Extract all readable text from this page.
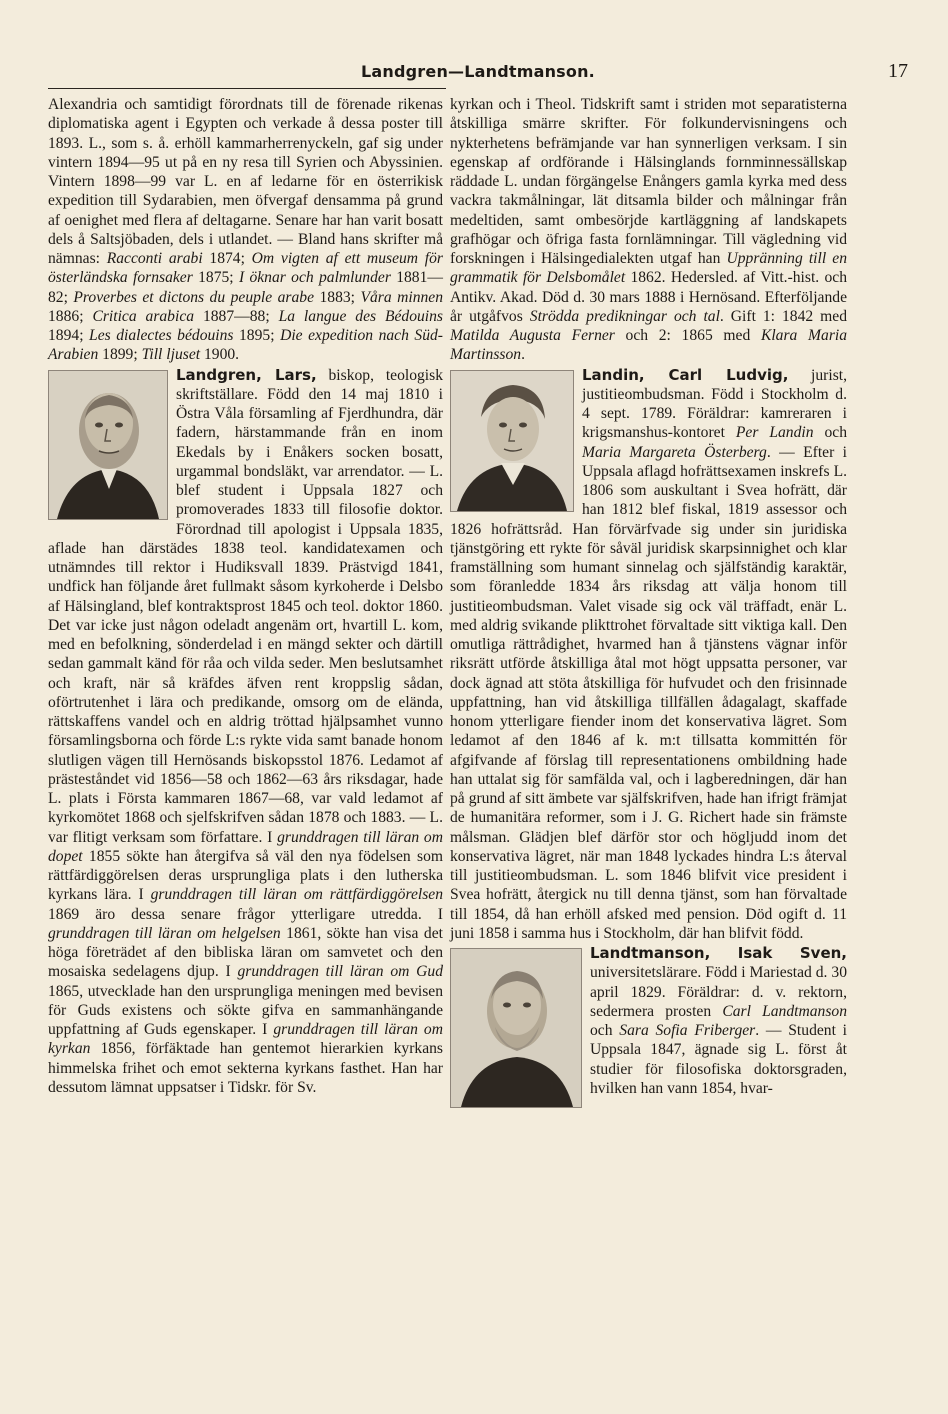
Landgren—Landtmanson.	17

Alexandria och samtidigt förordnats till de förenade rikenas diplomatiska agent i Egypten och verkade å dessa poster till 1893. L., som s. å. erhöll kammarherrenyckeln, gaf sig under vintern 1894—95 ut på en ny resa till Syrien och Abyssinien. Vintern 1898—99 var L. en af ledarne för en österrikisk expedition till Sydarabien, men öfvergaf densamma på grund af oenighet med flera af deltagarne. Senare har han varit bosatt dels å Saltsjöbaden, dels i utlandet. — Bland hans skrifter må nämnas: Racconti arabi 1874; Om vigten af ett museum för österländska fornsaker 1875; I öknar och palmlunder 1881—82; Proverbes et dictons du peuple arabe 1883; Våra minnen 1886; Critica arabica 1887—88; La langue des Bédouins 1894; Les dialectes bédouins 1895; Die expedition nach Süd-Arabien 1899; Till ljuset 1900.

Landgren, Lars,
biskop, teologisk skriftställare. Född den 14 maj 1810 i Östra Våla församling af Fjerdhundra, där fadern, härstammande från en inom Ekedals by i Enåkers socken bosatt, urgammal bondsläkt, var arrendator. — L. blef student i Uppsala 1827 och promoverades 1833 till filosofie doktor. Förordnad till apologist i Uppsala 1835, aflade han därstädes 1838 teol. kandidatexamen och utnämndes till rektor i Hudiksvall 1839. Prästvigd 1841, undfick han följande året fullmakt såsom kyrkoherde i Delsbo af Hälsingland, blef kontraktsprost 1845 och teol. doktor 1860. Det var icke just någon odeladt angenäm ort, hvartill L. kom, med en befolkning, sönderdelad i en mängd sekter och därtill sedan gammalt känd för råa och vilda seder. Men beslutsamhet och kraft, när så kräfdes äfven rent kroppslig sådan, oförtrutenhet i lära och predikande, omsorg om de elända, rättskaffens vandel och en aldrig tröttad hjälpsamhet vunno församlingsborna och förde L:s rykte vida samt banade honom slutligen vägen till Hernösands biskopsstol 1876. Ledamot af prästeståndet vid 1856—58 och 1862—63 års riksdagar, hade L. plats i Första kammaren 1867—68, var vald ledamot af kyrkomötet 1868 och sjelfskrifven sådan 1878 och 1883. — L. var flitigt verksam som författare. I grunddragen till läran om dopet 1855 sökte han återgifva så väl den nya födelsen som rättfärdiggörelsen deras ursprungliga plats i den lutherska kyrkans lära. I grunddragen till läran om rättfärdiggörelsen 1869 äro dessa senare frågor ytterligare utredda. I grunddragen till läran om helgelsen 1861, sökte han visa det höga företrädet af den bibliska läran om samvetet och den mosaiska sedelagens djup. I grunddragen till läran om Gud 1865, utvecklade han den ursprungliga meningen med bevisen för Guds existens och sökte gifva en sammanhängande uppfattning af Guds egenskaper. I grunddragen till läran om kyrkan 1856, förfäktade han gentemot hierarkien kyrkans himmelska frihet och emot sekterna kyrkans fasthet. Han har dessutom lämnat uppsatser i Tidskr. för Sv.

kyrkan och i Theol. Tidskrift samt i striden mot separatisterna åtskilliga smärre skrifter. För folkundervisningens och nykterhetens befrämjande var han synnerligen verksam. I sin egenskap af ordförande i Hälsinglands fornminnessällskap räddade L. undan förgängelse Enångers gamla kyrka med dess vackra takmålningar, lät ditsamla bilder och målningar från medeltiden, samt ombesörjde kartläggning af landskapets grafhögar och öfriga fasta fornlämningar. Till vägledning vid forskningen i Hälsingedialekten utgaf han Uppränning till en grammatik för Delsbomålet 1862. Hedersled. af Vitt.-hist. och Antikv. Akad. Död d. 30 mars 1888 i Hernösand. Efterföljande år utgåfvos Strödda predikningar och tal. Gift 1: 1842 med Matilda Augusta Ferner och 2: 1865 med Klara Maria Martinsson.

Landin, Carl Ludvig,
jurist, justitieombudsman. Född i Stockholm d. 4 sept. 1789. Föräldrar: kamreraren i krigsmanshus-kontoret Per Landin och Maria Margareta Österberg. — Efter i Uppsala aflagd hofrättsexamen inskrefs L. 1806 som auskultant i Svea hofrätt, där han 1812 blef fiskal, 1819 assessor och 1826 hofrättsråd. Han förvärfvade sig under sin juridiska tjänstgöring ett rykte för såväl juridisk skarpsinnighet och klar framställning som humant sinnelag och själfständig karaktär, som föranledde 1834 års riksdag att välja honom till justitieombudsman. Valet visade sig ock väl träffadt, enär L. med aldrig svikande plikttrohet förvaltade sitt viktiga kall. Den omutliga rättrådighet, hvarmed han å tjänstens vägnar inför riksrätt utförde åtskilliga åtal mot högt uppsatta personer, var dock ägnad att stöta åtskilliga för hufvudet och den frisinnade uppfattning, han vid åtskilliga tillfällen ådagalagt, skaffade honom ytterligare fiender inom det konservativa lägret. Som ledamot af den 1846 af k. m:t tillsatta kommittén för afgifvande af förslag till representationens ombildning hade han uttalat sig för samfälda val, och i lagberedningen, där han på grund af sitt ämbete var själfskrifven, hade han ifrigt främjat de humanitära reformer, som i J. G. Richert hade sin främste målsman. Glädjen blef därför stor och högljudd inom det konservativa lägret, när man 1848 lyckades hindra L:s återval till justitieombudsman. L. som 1846 blifvit vice president i Svea hofrätt, återgick nu till denna tjänst, som han förvaltade till 1854, då han erhöll afsked med pension. Död ogift d. 11 juni 1858 i samma hus i Stockholm, där han blifvit född.

Landtmanson, Isak Sven,
universitetslärare. Född i Mariestad d. 30 april 1829. Föräldrar: d. v. rektorn, sedermera prosten Carl Landtmanson och Sara Sofia Friberger. — Student i Uppsala 1847, ägnade sig L. först åt studier för filosofiska doktorsgraden, hvilken han vann 1854, hvar-
